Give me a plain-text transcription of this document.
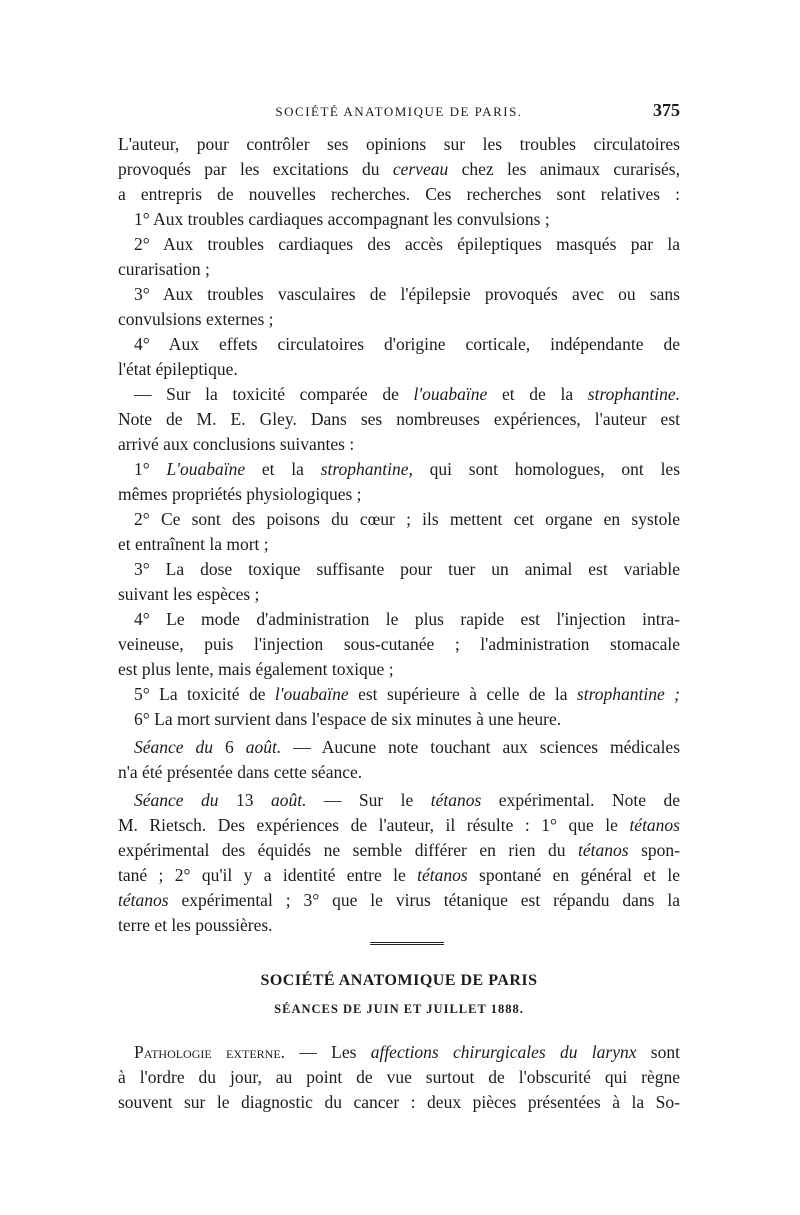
SOCIÉTÉ ANATOMIQUE DE PARIS.	375
L'auteur, pour contrôler ses opinions sur les troubles circulatoires
provoqués par les excitations du cerveau chez les animaux curarisés,
a entrepris de nouvelles recherches. Ces recherches sont relatives :
1° Aux troubles cardiaques accompagnant les convulsions ;
2° Aux troubles cardiaques des accès épileptiques masqués par la
curarisation ;
3° Aux troubles vasculaires de l'épilepsie provoqués avec ou sans
convulsions externes ;
4° Aux effets circulatoires d'origine corticale, indépendante de
l'état épileptique.
— Sur la toxicité comparée de l'ouabaïne et de la strophantine.
Note de M. E. Gley. Dans ses nombreuses expériences, l'auteur est
arrivé aux conclusions suivantes :
1° L'ouabaïne et la strophantine, qui sont homologues, ont les
mêmes propriétés physiologiques ;
2° Ce sont des poisons du cœur ; ils mettent cet organe en systole
et entraînent la mort ;
3° La dose toxique suffisante pour tuer un animal est variable
suivant les espèces ;
4° Le mode d'administration le plus rapide est l'injection intra-
veineuse, puis l'injection sous-cutanée ; l'administration stomacale
est plus lente, mais également toxique ;
5° La toxicité de l'ouabaïne est supérieure à celle de la strophantine ;
6° La mort survient dans l'espace de six minutes à une heure.
Séance du 6 août. — Aucune note touchant aux sciences médicales
n'a été présentée dans cette séance.
Séance du 13 août. — Sur le tétanos expérimental. Note de
M. Rietsch. Des expériences de l'auteur, il résulte : 1° que le tétanos
expérimental des équidés ne semble différer en rien du tétanos spon-
tané ; 2° qu'il y a identité entre le tétanos spontané en général et le
tétanos expérimental ; 3° que le virus tétanique est répandu dans la
terre et les poussières.
SOCIÉTÉ ANATOMIQUE DE PARIS
SÉANCES DE JUIN ET JUILLET 1888.
Pathologie externe. — Les affections chirurgicales du larynx sont
à l'ordre du jour, au point de vue surtout de l'obscurité qui règne
souvent sur le diagnostic du cancer : deux pièces présentées à la So-
